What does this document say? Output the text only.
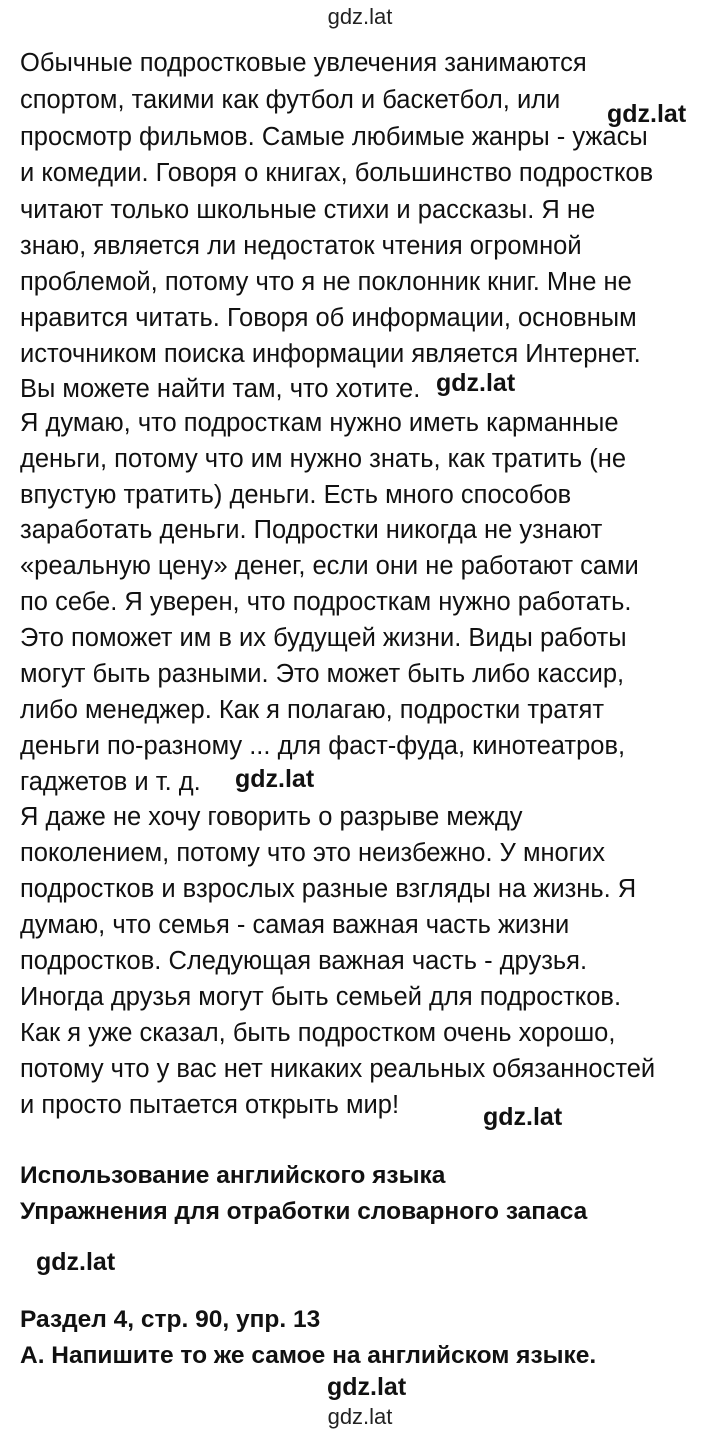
gdz.lat
Обычные подростковые увлечения занимаются
спортом, такими как футбол и баскетбол, или
просмотр фильмов. Самые любимые жанры - ужасы
и комедии. Говоря о книгах, большинство подростков
читают только школьные стихи и рассказы. Я не
знаю, является ли недостаток чтения огромной
проблемой, потому что я не поклонник книг. Мне не
нравится читать. Говоря об информации, основным
источником поиска информации является Интернет.
Вы можете найти там, что хотите.
Я думаю, что подросткам нужно иметь карманные
деньги, потому что им нужно знать, как тратить (не
впустую тратить) деньги. Есть много способов
заработать деньги. Подростки никогда не узнают
«реальную цену» денег, если они не работают сами
по себе. Я уверен, что подросткам нужно работать.
Это поможет им в их будущей жизни. Виды работы
могут быть разными. Это может быть либо кассир,
либо менеджер. Как я полагаю, подростки тратят
деньги по-разному ... для фаст-фуда, кинотеатров,
гаджетов и т. д.
Я даже не хочу говорить о разрыве между
поколением, потому что это неизбежно. У многих
подростков и взрослых разные взгляды на жизнь. Я
думаю, что семья - самая важная часть жизни
подростков. Следующая важная часть - друзья.
Иногда друзья могут быть семьей для подростков.
Как я уже сказал, быть подростком очень хорошо,
потому что у вас нет никаких реальных обязанностей
и просто пытается открыть мир!
gdz.lat
gdz.lat
gdz.lat
gdz.lat
Использование английского языка
Упражнения для отработки словарного запаса
gdz.lat
Раздел 4, стр. 90, упр. 13
A. Напишите то же самое на английском языке.
gdz.lat
gdz.lat
